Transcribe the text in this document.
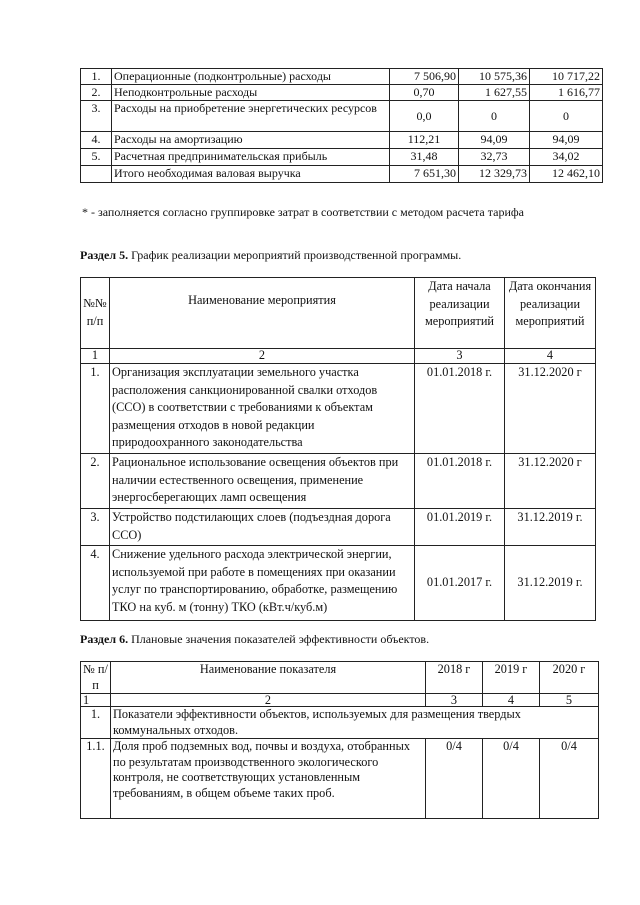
1.	Операционные (подконтрольные) расходы	7 506,90	10 575,36	10 717,22
2.	Неподконтрольные расходы	0,70	1 627,55	1 616,77
3.	Расходы на приобретение энергетических ресурсов	0,0	0	0
4.	Расходы на амортизацию	112,21	94,09	94,09
5.	Расчетная предпринимательская прибыль	31,48	32,73	34,02
	Итого необходимая валовая выручка	7 651,30	12 329,73	12 462,10
* - заполняется согласно группировке затрат в соответствии с методом расчета тарифа
Раздел 5. График реализации мероприятий производственной программы.
№№ п/п	Наименование мероприятия	Дата начала реализации мероприятий	Дата окончания реализации мероприятий
1	2	3	4
1.	Организация эксплуатации земельного участка расположения санкционированной свалки отходов (ССО) в соответствии с требованиями к объектам размещения отходов в новой редакции природоохранного законодательства	01.01.2018 г.	31.12.2020 г
2.	Рациональное использование освещения объектов при наличии естественного освещения, применение энергосберегающих ламп освещения	01.01.2018 г.	31.12.2020 г
3.	Устройство подстилающих слоев (подъездная дорога ССО)	01.01.2019 г.	31.12.2019 г.
4.	Снижение удельного расхода электрической энергии, используемой при работе в помещениях при оказании услуг по транспортированию, обработке, размещению ТКО на куб. м (тонну) ТКО (кВт.ч/куб.м)	01.01.2017 г.	31.12.2019 г.
Раздел 6. Плановые значения показателей эффективности объектов.
№ п/п	Наименование показателя	2018 г	2019 г	2020 г
1	2	3	4	5
1.	Показатели эффективности объектов, используемых для размещения твердых коммунальных отходов.			
1.1.	Доля проб подземных вод, почвы и воздуха, отобранных по результатам производственного экологического контроля, не соответствующих установленным требованиям, в общем объеме таких проб.	0/4	0/4	0/4
